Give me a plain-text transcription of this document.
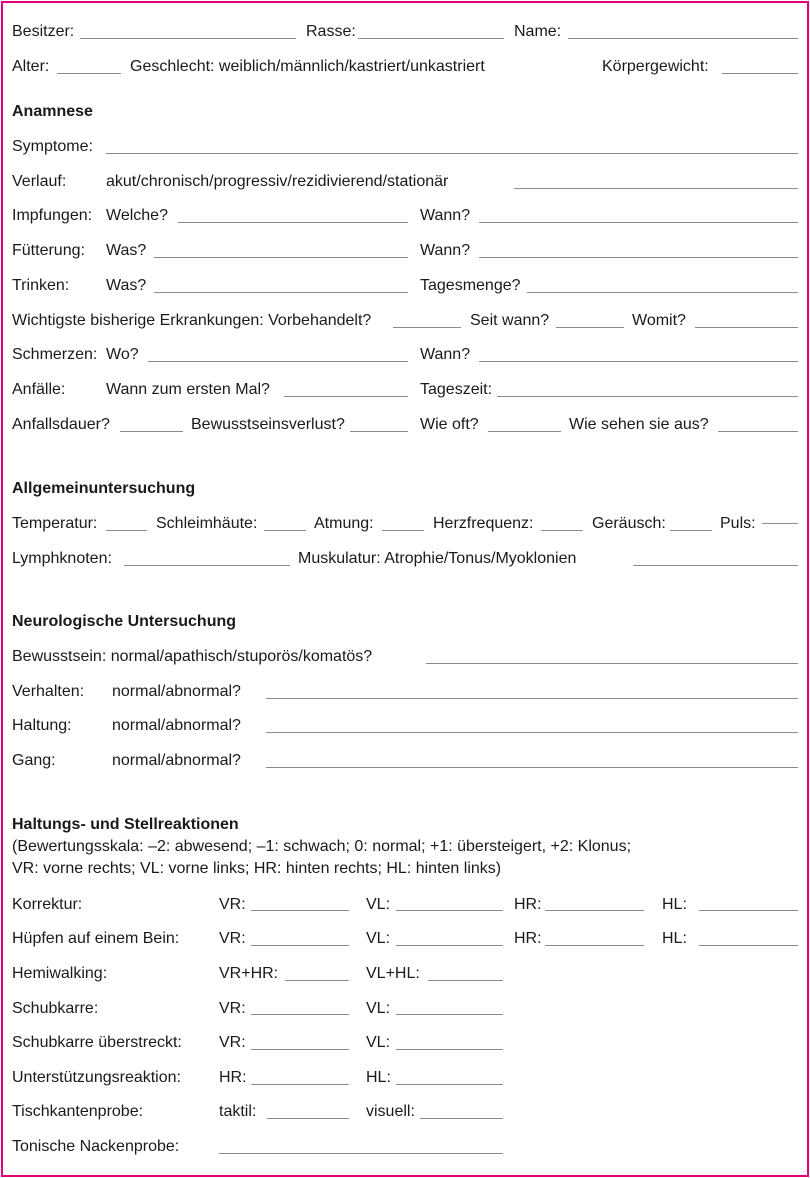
Besitzer:	Rasse:	Name:
Alter:	Geschlecht: weiblich/männlich/kastriert/unkastriert	Körpergewicht:
Anamnese
Symptome:
Verlauf: akut/chronisch/progressiv/rezidivierend/stationär
Impfungen: Welche?	Wann?
Fütterung: Was?	Wann?
Trinken: Was?	Tagesmenge?
Wichtigste bisherige Erkrankungen: Vorbehandelt?	Seit wann?	Womit?
Schmerzen: Wo?	Wann?
Anfälle:	Wann zum ersten Mal?	Tageszeit:
Anfallsdauer?	Bewusstseinsverlust?	Wie oft?	Wie sehen sie aus?
Allgemeinuntersuchung
Temperatur:	Schleimhäute:	Atmung:	Herzfrequenz:	Geräusch:	Puls:
Lymphknoten:	Muskulatur: Atrophie/Tonus/Myoklonien
Neurologische Untersuchung
Bewusstsein: normal/apathisch/stuporös/komatös?
Verhalten: normal/abnormal?
Haltung:	normal/abnormal?
Gang:	normal/abnormal?
Haltungs- und Stellreaktionen
(Bewertungsskala: –2: abwesend; –1: schwach; 0: normal; +1: übersteigert, +2: Klonus;
VR: vorne rechts; VL: vorne links; HR: hinten rechts; HL: hinten links)
Korrektur:	VR:	VL:	HR:	HL:
Hüpfen auf einem Bein: VR:	VL:	HR:	HL:
Hemiwalking:	VR+HR:	VL+HL:
Schubkarre:	VR:	VL:
Schubkarre überstreckt: VR:	VL:
Unterstützungsreaktion: HR:	HL:
Tischkantenprobe:	taktil:	visuell:
Tonische Nackenprobe:
